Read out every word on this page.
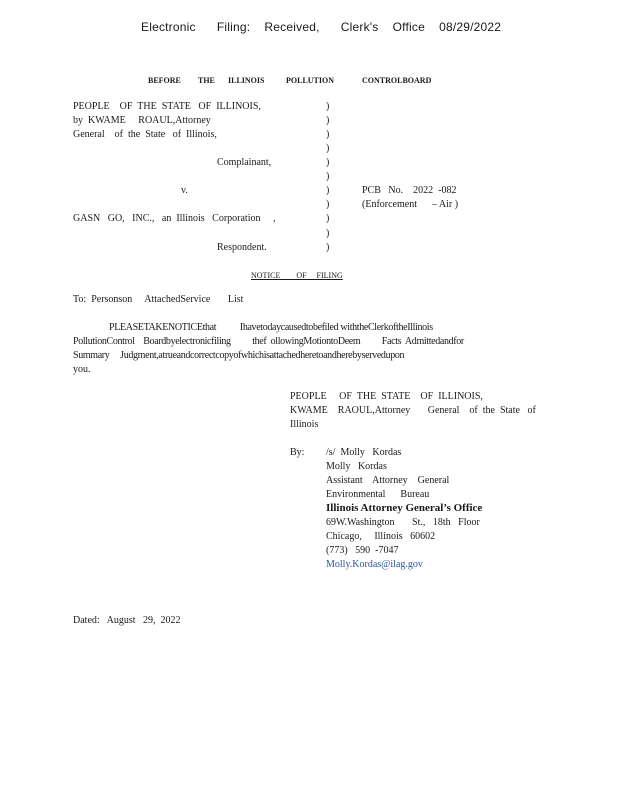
Electronic      Filing:    Received,      Clerk's    Office    08/29/2022
BEFORE THE ILLINOIS	POLLUTION	CONTROLBOARD
PEOPLE    OF  THE  STATE   OF  ILLINOIS,
by  KWAME     ROAUL,Attorney
General    of  the  State   of  Illinois,
Complainant,
v.
GASN   GO,   INC.,   an  Illinois   Corporation     ,
Respondent.
)
)
)
)
)
)
)
)
)
)
)
PCB   No.    2022  -082
(Enforcement      – Air )
NOTICE        OF     FILING
To:  Personson     AttachedService       List
PLEASETAKENOTICEthat           Ihavetodaycausedtobefiled withtheClerkoftheIllinois
PollutionControl    Boardbyelectronicfiling          thef  ollowingMotiontoDeem          Facts  Admittedandfor
Summary     Judgment,atrueandcorrectcopyofwhichisattachedheretoandherebyservedupon
you.
PEOPLE     OF  THE  STATE    OF  ILLINOIS,
KWAME    RAOUL,Attorney       General    of  the  State   of
Illinois
By: /s/  Molly   Kordas
Molly   Kordas
Assistant    Attorney    General
Environmental      Bureau
Illinois Attorney General’s Office
69W.Washington       St.,   18th   Floor
Chicago,     Illinois   60602
(773)   590  -7047
Molly.Kordas@ilag.gov
Dated:   August   29,  2022
